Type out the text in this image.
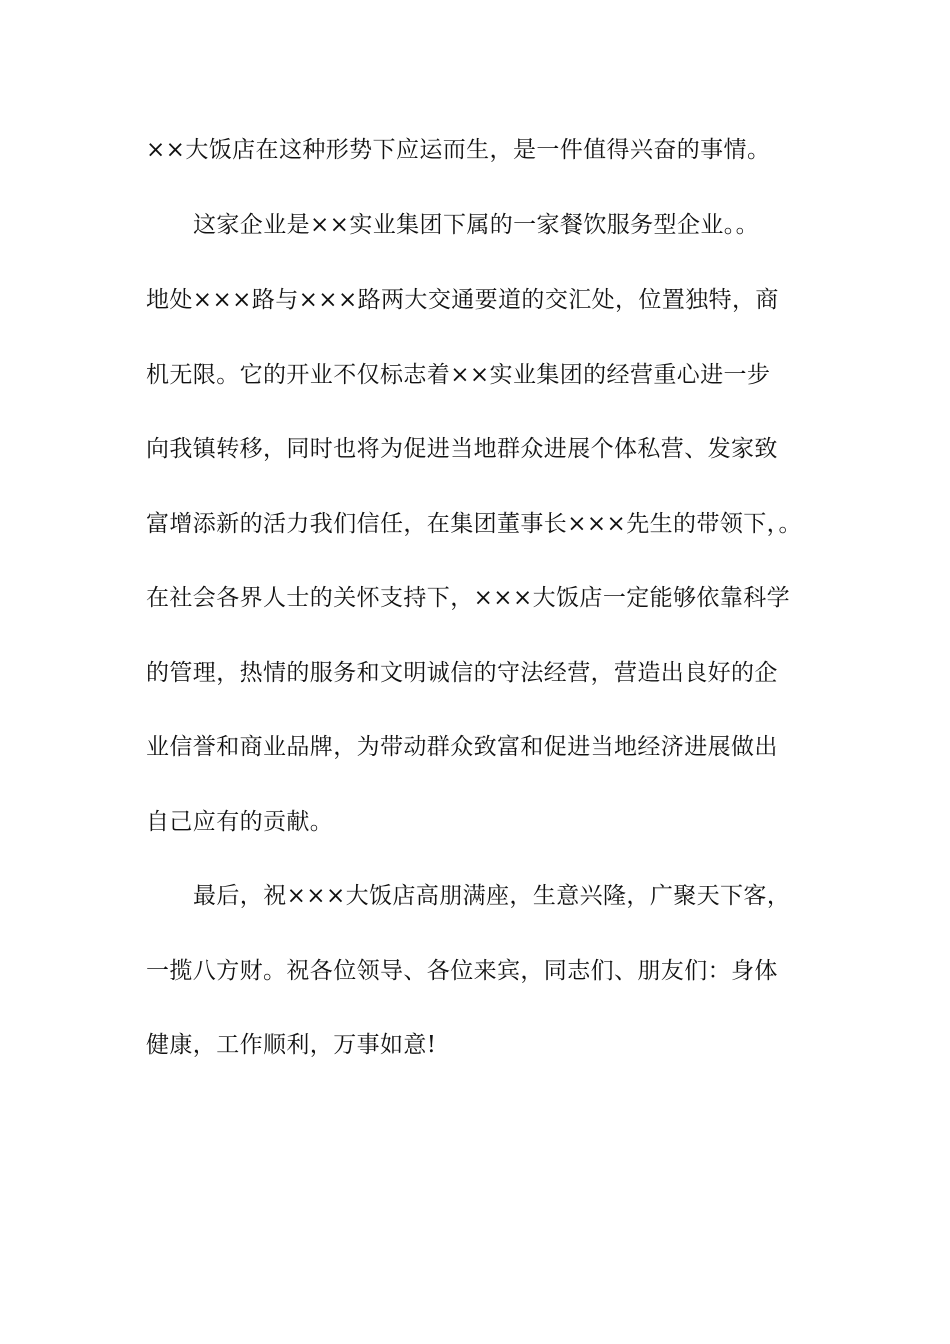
××大饭店在这种形势下应运而生，是一件值得兴奋的事情。
这家企业是××实业集团下属的一家餐饮服务型企业。。
地处×××路与×××路两大交通要道的交汇处，位置独特，商
机无限。它的开业不仅标志着××实业集团的经营重心进一步
向我镇转移，同时也将为促进当地群众进展个体私营、发家致
富增添新的活力我们信任，在集团董事长×××先生的带领下，。
在社会各界人士的关怀支持下，×××大饭店一定能够依靠科学
的管理，热情的服务和文明诚信的守法经营，营造出良好的企
业信誉和商业品牌，为带动群众致富和促进当地经济进展做出
自己应有的贡献。
最后，祝×××大饭店高朋满座，生意兴隆，广聚天下客，
一揽八方财。祝各位领导、各位来宾，同志们、朋友们：身体
健康，工作顺利，万事如意!
